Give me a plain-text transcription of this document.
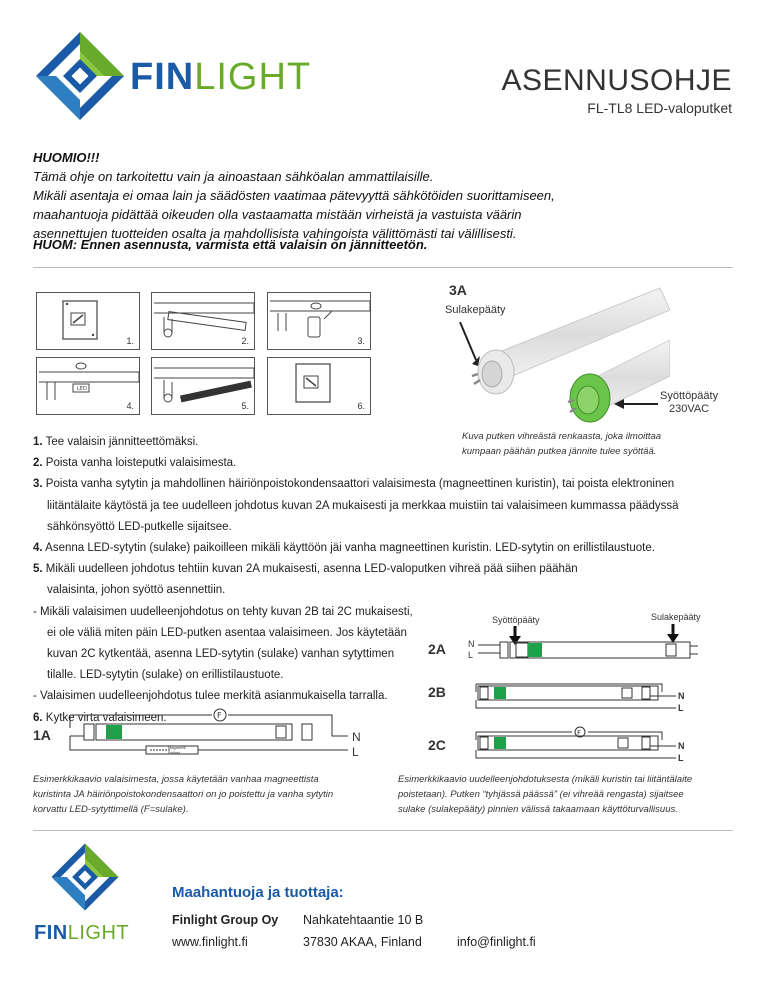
FINLIGHT	ASENNUSOHJE
FL-TL8 LED-valoputket
HUOMIO!!!
Tämä ohje on tarkoitettu vain ja ainoastaan sähköalan ammattilaisille.
Mikäli asentaja ei omaa lain ja säädösten vaatimaa pätevyyttä sähkötöiden suorittamiseen,
maahantuoja pidättää oikeuden olla vastaamatta mistään virheistä ja vastuista väärin
asennettujen tuotteiden osalta ja mahdollisista vahingoista välittömästi tai välillisesti.
HUOM: Ennen asennusta, varmista että valaisin on jännitteetön.
1.	2.	3.
LED
4.	5.	6.
3A
Sulakepääty
Syöttöpääty
230VAC
Kuva putken vihreästä renkaasta, joka ilmoittaa
kumpaan päähän putkea jännite tulee syöttää.
1. Tee valaisin jännitteettömäksi.
2. Poista vanha loisteputki valaisimesta.
3. Poista vanha sytytin ja mahdollinen häiriönpoistokondensaattori valaisimesta (magneettinen kuristin), tai poista elektroninen
liitäntälaite käytöstä ja tee uudelleen johdotus kuvan 2A mukaisesti ja merkkaa muistiin tai valaisimeen kummassa päädyssä
sähkönsyöttö LED-putkelle sijaitsee.
4. Asenna LED-sytytin (sulake) paikoilleen mikäli käyttöön jäi vanha magneettinen kuristin. LED-sytytin on erillistilaustuote.
5. Mikäli uudelleen johdotus tehtiin kuvan 2A mukaisesti, asenna LED-valoputken vihreä pää siihen päähän
valaisinta, johon syöttö asennettiin.
- Mikäli valaisimen uudelleenjohdotus on tehty kuvan 2B tai 2C mukaisesti,
ei ole väliä miten päin LED-putken asentaa valaisimeen. Jos käytetään
kuvan 2C kytkentää, asenna LED-sytytin (sulake) vanhan sytyttimen
tilalle. LED-sytytin (sulake) on erillistilaustuote.
- Valaisimen uudelleenjohdotus tulee merkitä asianmukaisella tarralla.
6. Kytke virta valaisimeen.
Syöttöpääty	Sulakepääty
2A N
L
2B	N
L
2C
F
N
L
1A
F
Magneetti
Ballast
N
L
Esimerkkikaavio valaisimesta, jossa käytetään vanhaa magneettista
kuristinta JA häiriönpoistokondensaattori on jo poistettu ja vanha sytytin
korvattu LED-sytyttimellä (F=sulake).
Esimerkkikaavio uudelleenjohdotuksesta (mikäli kuristin tai liitäntälaite
poistetaan). Putken “tyhjässä päässä” (ei vihreää rengasta) sijaitsee
sulake (sulakepääty) pinnien välissä takaamaan käyttöturvallisuus.
FINLIGHT
Maahantuoja ja tuottaja:
Finlight Group Oy
www.finlight.fi
Nahkatehtaantie 10 B
37830 AKAA, Finland	info@finlight.fi
